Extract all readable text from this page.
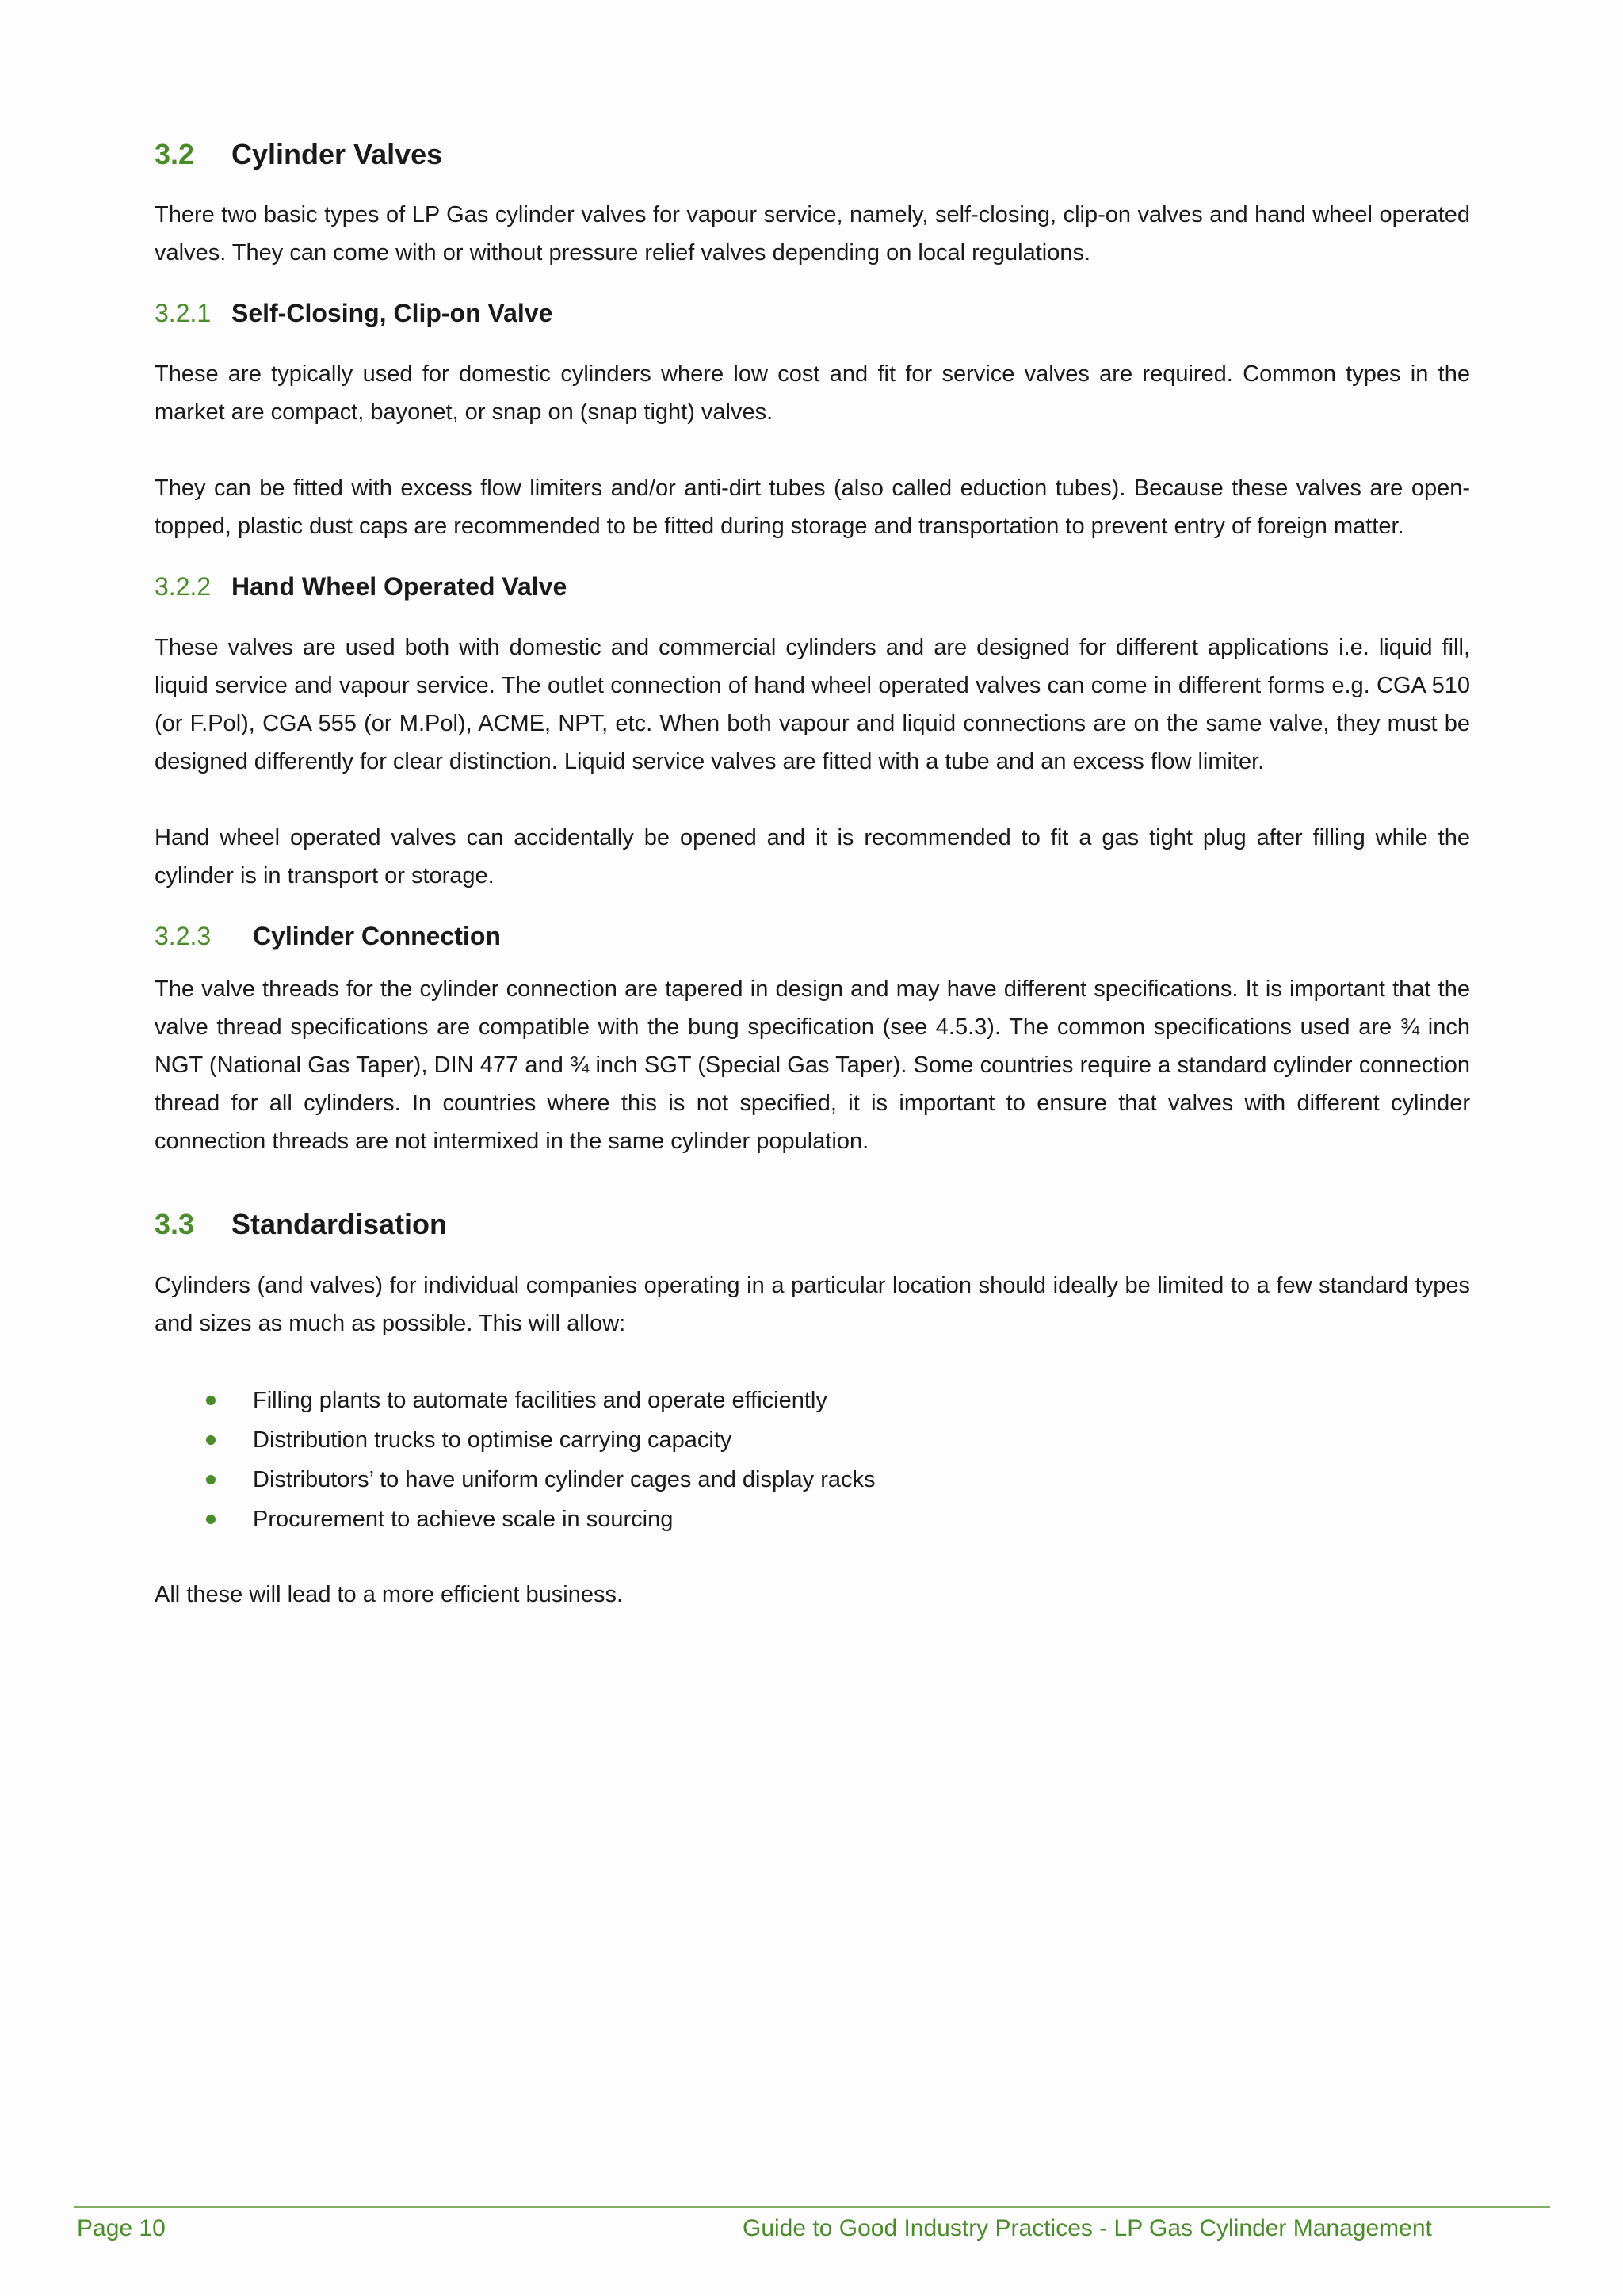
3.2	Cylinder Valves

There two basic types of LP Gas cylinder valves for vapour service, namely, self-closing, clip-on valves and hand wheel operated valves. They can come with or without pressure relief valves depending on local regulations.

3.2.1 Self-Closing, Clip-on Valve

These are typically used for domestic cylinders where low cost and fit for service valves are required. Common types in the market are compact, bayonet, or snap on (snap tight) valves.

They can be fitted with excess flow limiters and/or anti-dirt tubes (also called eduction tubes). Because these valves are open-topped, plastic dust caps are recommended to be fitted during storage and transportation to prevent entry of foreign matter.

3.2.2 Hand Wheel Operated Valve

These valves are used both with domestic and commercial cylinders and are designed for different applications i.e. liquid fill, liquid service and vapour service. The outlet connection of hand wheel operated valves can come in different forms e.g. CGA 510 (or F.Pol), CGA 555 (or M.Pol), ACME, NPT, etc. When both vapour and liquid connections are on the same valve, they must be designed differently for clear distinction. Liquid service valves are fitted with a tube and an excess flow limiter.

Hand wheel operated valves can accidentally be opened and it is recommended to fit a gas tight plug after filling while the cylinder is in transport or storage.

3.2.3	Cylinder Connection

The valve threads for the cylinder connection are tapered in design and may have different specifications. It is important that the valve thread specifications are compatible with the bung specification (see 4.5.3). The common specifications used are ¾ inch NGT (National Gas Taper), DIN 477 and ¾ inch SGT (Special Gas Taper). Some countries require a standard cylinder connection thread for all cylinders. In countries where this is not specified, it is important to ensure that valves with different cylinder connection threads are not intermixed in the same cylinder population.

3.3	Standardisation

Cylinders (and valves) for individual companies operating in a particular location should ideally be limited to a few standard types and sizes as much as possible. This will allow:

Filling plants to automate facilities and operate efficiently
Distribution trucks to optimise carrying capacity
Distributors’ to have uniform cylinder cages and display racks
Procurement to achieve scale in sourcing

All these will lead to a more efficient business.

Page 10	Guide to Good Industry Practices - LP Gas Cylinder Management
